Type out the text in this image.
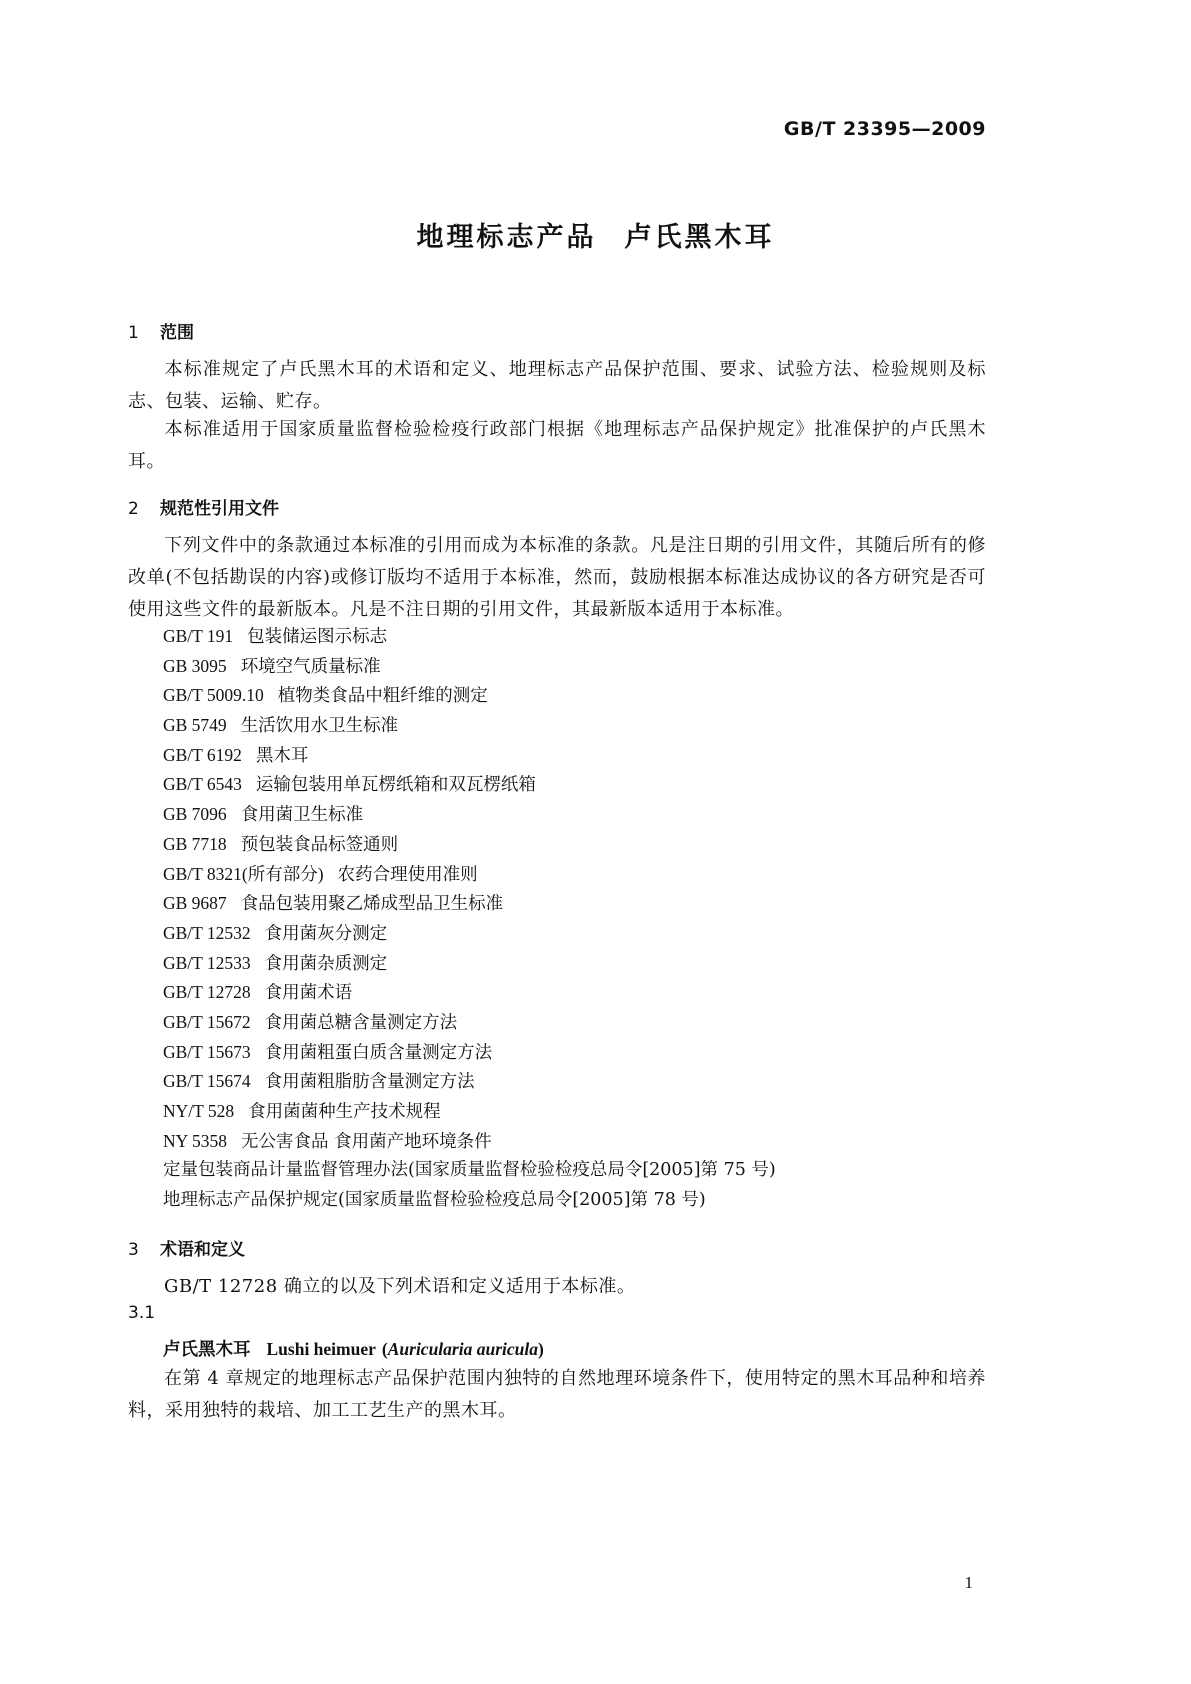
GB/T 23395—2009
地理标志产品 卢氏黑木耳
1 范围
本标准规定了卢氏黑木耳的术语和定义、地理标志产品保护范围、要求、试验方法、检验规则及标志、包装、运输、贮存。
本标准适用于国家质量监督检验检疫行政部门根据《地理标志产品保护规定》批准保护的卢氏黑木耳。
2 规范性引用文件
下列文件中的条款通过本标准的引用而成为本标准的条款。凡是注日期的引用文件，其随后所有的修改单(不包括勘误的内容)或修订版均不适用于本标准，然而，鼓励根据本标准达成协议的各方研究是否可使用这些文件的最新版本。凡是不注日期的引用文件，其最新版本适用于本标准。
GB/T 191 包装储运图示标志
GB 3095 环境空气质量标准
GB/T 5009.10 植物类食品中粗纤维的测定
GB 5749 生活饮用水卫生标准
GB/T 6192 黑木耳
GB/T 6543 运输包装用单瓦楞纸箱和双瓦楞纸箱
GB 7096 食用菌卫生标准
GB 7718 预包装食品标签通则
GB/T 8321(所有部分) 农药合理使用准则
GB 9687 食品包装用聚乙烯成型品卫生标准
GB/T 12532 食用菌灰分测定
GB/T 12533 食用菌杂质测定
GB/T 12728 食用菌术语
GB/T 15672 食用菌总糖含量测定方法
GB/T 15673 食用菌粗蛋白质含量测定方法
GB/T 15674 食用菌粗脂肪含量测定方法
NY/T 528 食用菌菌种生产技术规程
NY 5358 无公害食品 食用菌产地环境条件
定量包装商品计量监督管理办法(国家质量监督检验检疫总局令[2005]第 75 号)
地理标志产品保护规定(国家质量监督检验检疫总局令[2005]第 78 号)
3 术语和定义
GB/T 12728 确立的以及下列术语和定义适用于本标准。
3.1
卢氏黑木耳 Lushi heimuer (Auricularia auricula)
在第 4 章规定的地理标志产品保护范围内独特的自然地理环境条件下，使用特定的黑木耳品种和培养料，采用独特的栽培、加工工艺生产的黑木耳。
1
